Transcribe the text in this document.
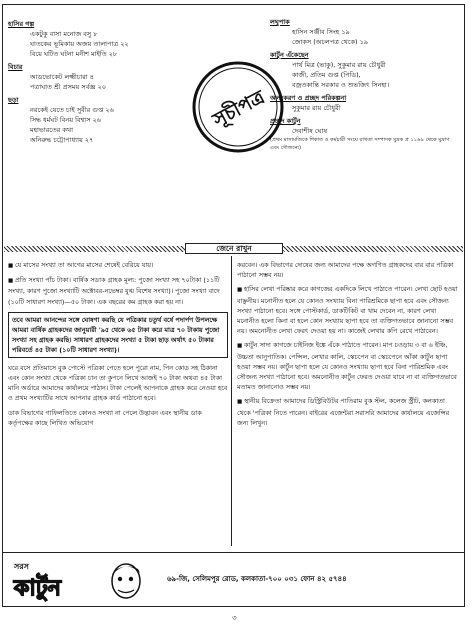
হাসির গল্প
একটুকু বাসা মনোজ বসু ৮
ঘাতকের ভূমিকায় অজয় তালাপাত্র ২২
বিয়ে ঘটিত ঘটনা মনীশ মাইতি ২৮
বিচার
আডভোকেট লক্ষ্মীচারা ৪
পত্রাঘাত শ্রী প্রসময় সর্বজ্ঞ ২০
ছড়া
নরকেই যেতে চাই সুবীর গুপ্ত ২৬
সিদ্ধ ধর্মঘট বিনয় বিশ্বাস ২৬
মহাভারতের কথা
অনিরুদ্ধ চট্টোপাধ্যায় ২৭
সূচীপত্র
লঘুপাক
হাসিন সঞ্জীব সিংহ ১৯
জোকস (অচলপত্র থেকে) ১৯
কার্টুন এঁকেছেন
পার্থ মিত্র (ভাকু), সুকুমার রায় চৌধুরী
কাজী, প্রতিম গুপ্ত (পিডি),
বজ্রতকান্তি সরকার ও শুভজিৎ সিনহা।
অলংকরণ ও প্রচ্ছদ পরিকল্পনা
সুকুমার রায় চৌধুরী
প্রচ্ছদ কার্টুন
দেবাশীষ ঘোষ
(প্রথম মাসামজিকে শিকাত ও কর্মচারী সংঘে রাখতা সম্পাদক মুদ্রক প্র ১১৬৯ থেকে মুদ্রাণ এবং সৌজন্যে)
জেনে রাখুন
■ যে মাসের সংখ্যা তা আগের মাসের শেষেই বেরিয়ে যায়।
■ প্রতি সংখ্যা পাঁচ টাকা। বার্ষিক সডাক গ্রাহক মূল্য: পুজো সংখ্যা সহ ৭০টাকা (১১টি সংখ্যা, কারণ পুজো সংখ্যাটি অক্টোবর-নভেম্বর যুগ্ম বিশেষ সংখ্যা)। পুজো সংখ্যা বাদে (১০টি সাধারণ সংখ্যা)—৫০ টাকা। এক বছরের কম গ্রাহক করা হয় না।
তবে আমরা আনন্দের সঙ্গে ঘোষণা করছি যে পত্রিকার চতুর্থ বর্ষে পদার্পণ উপলক্ষে আমরা বার্ষিক গ্রাহকদের জানুয়ারী '৯৫ থেকে ৬৫ টাকা করে মাত্র ৭০ টাকায় পুজো সংখ্যা সহ গ্রাহক করছি। সাধারণ গ্রাহকদের সংখ্যা ৫ টাকা ছাড় অর্থাৎ ৫০ টাকার পরিবর্তে ৪৫ টাকা (১০টি সাধারণ সংখ্যা)।
ঘরে বসে প্রতিমাসে বুক পোস্টে পত্রিকা পেতে হলে পুরো নাম, পিন কোড সহ ঠিকানা এবং কোন সংখ্যা থেকে পত্রিকা চান তা কুপনে লিখে আজই ৭০ টাকা অথবা ৪৫ টাকা মানি অর্ডারে আমাদের কার্যালয়ে পাঠান। টাকা পেলেই আপনাকে গ্রাহক করে নেওয়া হবে ও প্রথম সংখ্যাটির সাথে আপনার গ্রাহক কার্ড পাঠানো হবে।
ডাক বিভাগের গাফিলতিতে কোনও সংখ্যা না পেলে উদ্ভাবন এবং স্থানীয় ডাক কর্তৃপক্ষের কাছে লিখিত অভিযোগ
করবেন। এক বিভাগের দোষের জন্য আমাদের পক্ষে অগণিত গ্রাহকদের বার বার পত্রিকা পাঠানো সম্ভব নয়।
■ হাসির লেখা পরিষ্কার করে কাগজের একদিকে লিখে পাঠাতে পারেন। লেখা ছোট হওয়া বাঞ্ছনীয়। মনোনীত হলে যে কোনও সংখ্যায় বিনা পারিশ্রমিকে ছাপা হবে এবং সৌজন্য সংখ্যা পাঠানো হবে। সঙ্গে পোস্টকার্ড, ডাকটিকিট বা খাম দেবেন না, কারণ লেখা মনোনীত হলো কিনা বা হলে কোন সংখ্যায় ছাপা হবে তা ব্যক্তিগতভাবে জানানো সম্ভব নয়। অমনোনীত লেখা ফেরৎ দেওয়া হয় না। কাজেই লেখার কপি রেখে পাঠাবেন।
■ কার্টুন সাদা কাগজে চাইনিজ ইঙ্কে এঁকে পাঠাতে পারেন। মাপ চওড়ায় ৩ বা ৬ ইঞ্চি, উচ্চতা আনুপাতিক। পেন্সিল, লেখার কালি, স্কেচপেন বা স্কেচপেনে আঁকা কার্টুন ছাপা হওয়া সম্ভব নয়। কার্টুন ছাপা হলে যে কোনও সংখ্যায় ছাপা হবে বিনা পারিশ্রমিক এবং সৌজন্য সংখ্যা পাঠানো হবে। অমনোনীত কার্টুন ফেরত দেওয়া যাবে না বা ব্যক্তিগতভাবে মতামত জানানোও সম্ভব নয়।
■ স্থানীয় বিক্রেতা আমাদের ডিস্ট্রিবিউটর পাতিরাম বুক স্টল, কলেজ স্ট্রীট, কলকাতা থেকে 'পত্রিকা নিতে পারেন। বাইরের এজেন্টরা সরাসরি আমাদের কার্যালয়ে এজেন্সির জন্য লিখুন।
সরস
কার্টুন	৬৯-জি, সেলিমপুর রোড, কলকাতা-৭০০ ০৩১ ফোন ৪২ ৫৭৪৪
৩
